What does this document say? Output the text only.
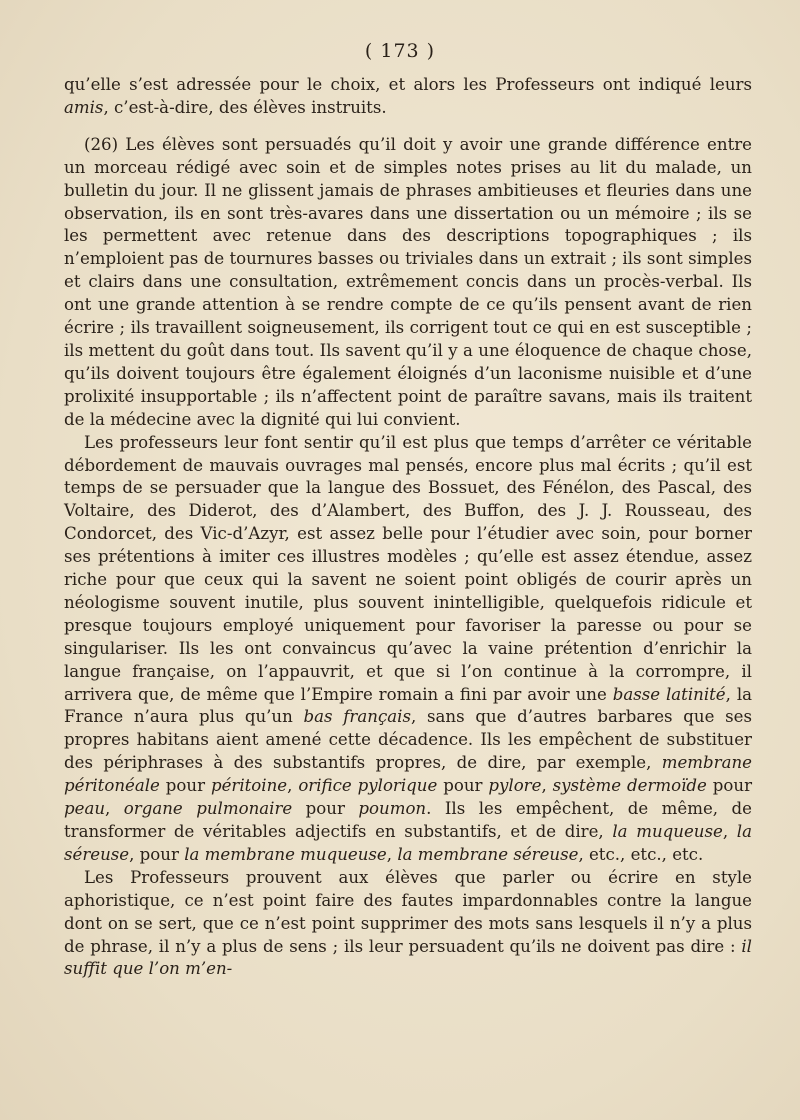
( 173 )

qu’elle s’est adressée pour le choix, et alors les Professeurs ont indiqué leurs amis, c’est-à-dire, des élèves instruits.

(26) Les élèves sont persuadés qu’il doit y avoir une grande différence entre un morceau rédigé avec soin et de simples notes prises au lit du malade, un bulletin du jour. Il ne glissent jamais de phrases ambitieuses et fleuries dans une observation, ils en sont très-avares dans une dissertation ou un mémoire ; ils se les permettent avec retenue dans des descriptions topographiques ; ils n’emploient pas de tournures basses ou triviales dans un extrait ; ils sont simples et clairs dans une consultation, extrêmement concis dans un procès-verbal. Ils ont une grande attention à se rendre compte de ce qu’ils pensent avant de rien écrire ; ils travaillent soigneusement, ils corrigent tout ce qui en est susceptible ; ils mettent du goût dans tout. Ils savent qu’il y a une éloquence de chaque chose, qu’ils doivent toujours être également éloignés d’un laconisme nuisible et d’une prolixité insupportable ; ils n’affectent point de paraître savans, mais ils traitent de la médecine avec la dignité qui lui convient.

Les professeurs leur font sentir qu’il est plus que temps d’arrêter ce véritable débordement de mauvais ouvrages mal pensés, encore plus mal écrits ; qu’il est temps de se persuader que la langue des Bossuet, des Fénélon, des Pascal, des Voltaire, des Diderot, des d’Alambert, des Buffon, des J. J. Rousseau, des Condorcet, des Vic-d’Azyr, est assez belle pour l’étudier avec soin, pour borner ses prétentions à imiter ces illustres modèles ; qu’elle est assez étendue, assez riche pour que ceux qui la savent ne soient point obligés de courir après un néologisme souvent inutile, plus souvent inintelligible, quelquefois ridicule et presque toujours employé uniquement pour favoriser la paresse ou pour se singulariser. Ils les ont convaincus qu’avec la vaine prétention d’enrichir la langue française, on l’appauvrit, et que si l’on continue à la corrompre, il arrivera que, de même que l’Empire romain a fini par avoir une basse latinité, la France n’aura plus qu’un bas français, sans que d’autres barbares que ses propres habitans aient amené cette décadence. Ils les empêchent de substituer des périphrases à des substantifs propres, de dire, par exemple, membrane péritonéale pour péritoine, orifice pylorique pour pylore, système dermoïde pour peau, organe pulmonaire pour poumon. Ils les empêchent, de même, de transformer de véritables adjectifs en substantifs, et de dire, la muqueuse, la séreuse, pour la membrane muqueuse, la membrane séreuse, etc., etc., etc.

Les Professeurs prouvent aux élèves que parler ou écrire en style aphoristique, ce n’est point faire des fautes impardonnables contre la langue dont on se sert, que ce n’est point supprimer des mots sans lesquels il n’y a plus de phrase, il n’y a plus de sens ; ils leur persuadent qu’ils ne doivent pas dire : il suffit que l’on m’en-
